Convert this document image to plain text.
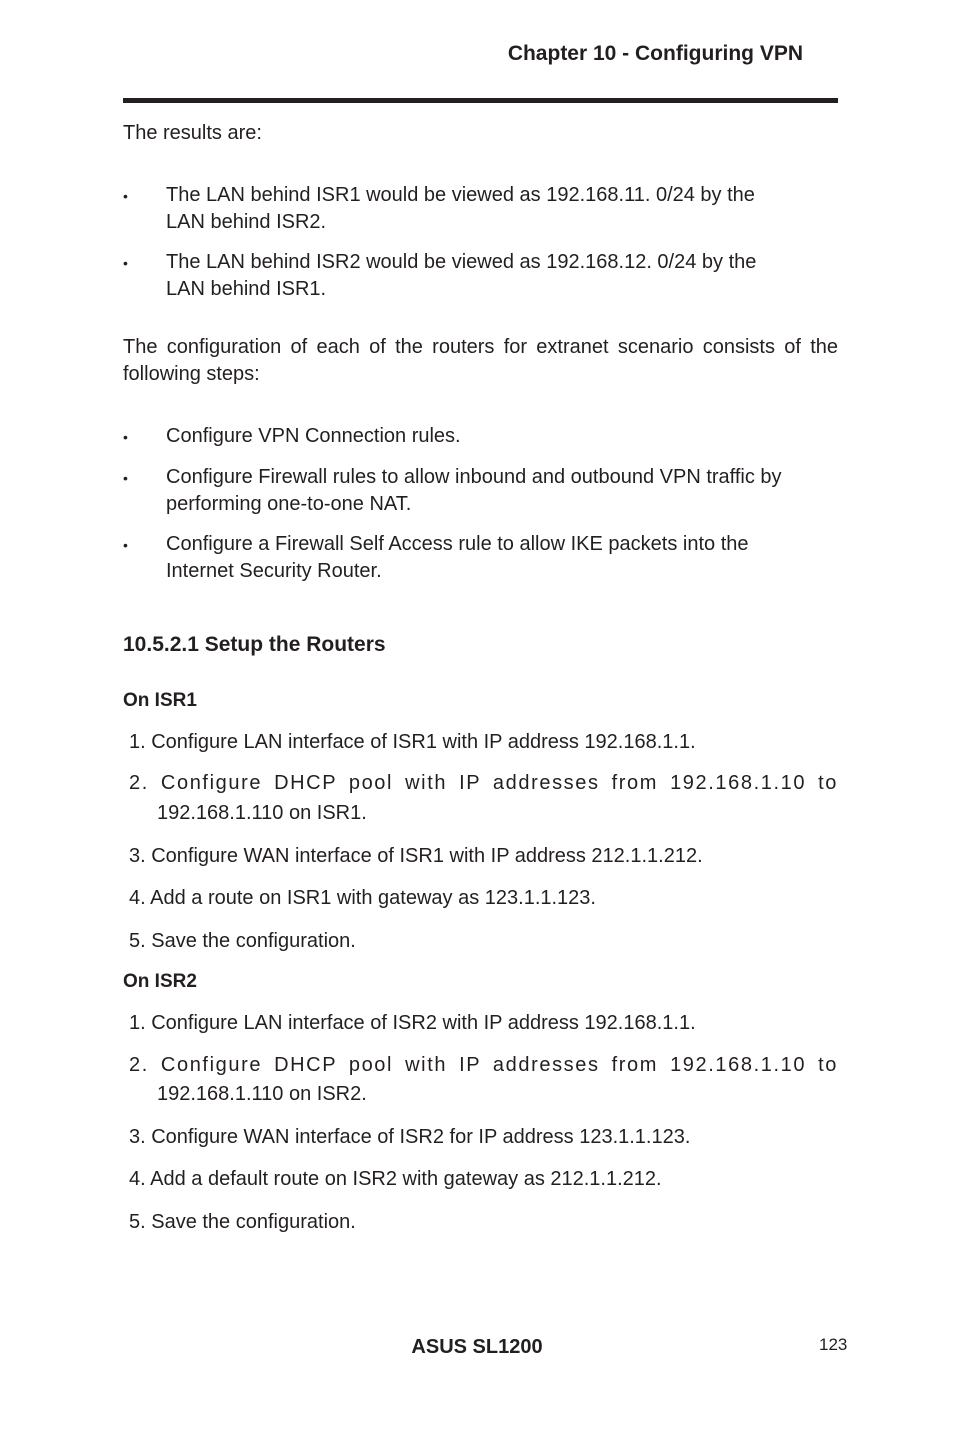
Chapter 10 - Configuring VPN
The results are:
• The LAN behind ISR1 would be viewed as 192.168.11. 0/24 by the
LAN behind ISR2.
• The LAN behind ISR2 would be viewed as 192.168.12. 0/24 by the
LAN behind ISR1.
The configuration of each of the routers for extranet scenario consists of the following steps:
• Configure VPN Connection rules.
• Configure Firewall rules to allow inbound and outbound VPN traffic by
performing one-to-one NAT.
• Configure a Firewall Self Access rule to allow IKE packets into the
Internet Security Router.
10.5.2.1 Setup the Routers
On ISR1
1. Configure LAN interface of ISR1 with IP address 192.168.1.1.
2. Configure DHCP pool with IP addresses from 192.168.1.10 to
192.168.1.110 on ISR1.
3. Configure WAN interface of ISR1 with IP address 212.1.1.212.
4. Add a route on ISR1 with gateway as 123.1.1.123.
5. Save the configuration.
On ISR2
1. Configure LAN interface of ISR2 with IP address 192.168.1.1.
2. Configure DHCP pool with IP addresses from 192.168.1.10 to
192.168.1.110 on ISR2.
3. Configure WAN interface of ISR2 for IP address 123.1.1.123.
4. Add a default route on ISR2 with gateway as 212.1.1.212.
5. Save the configuration.
ASUS SL1200	123
